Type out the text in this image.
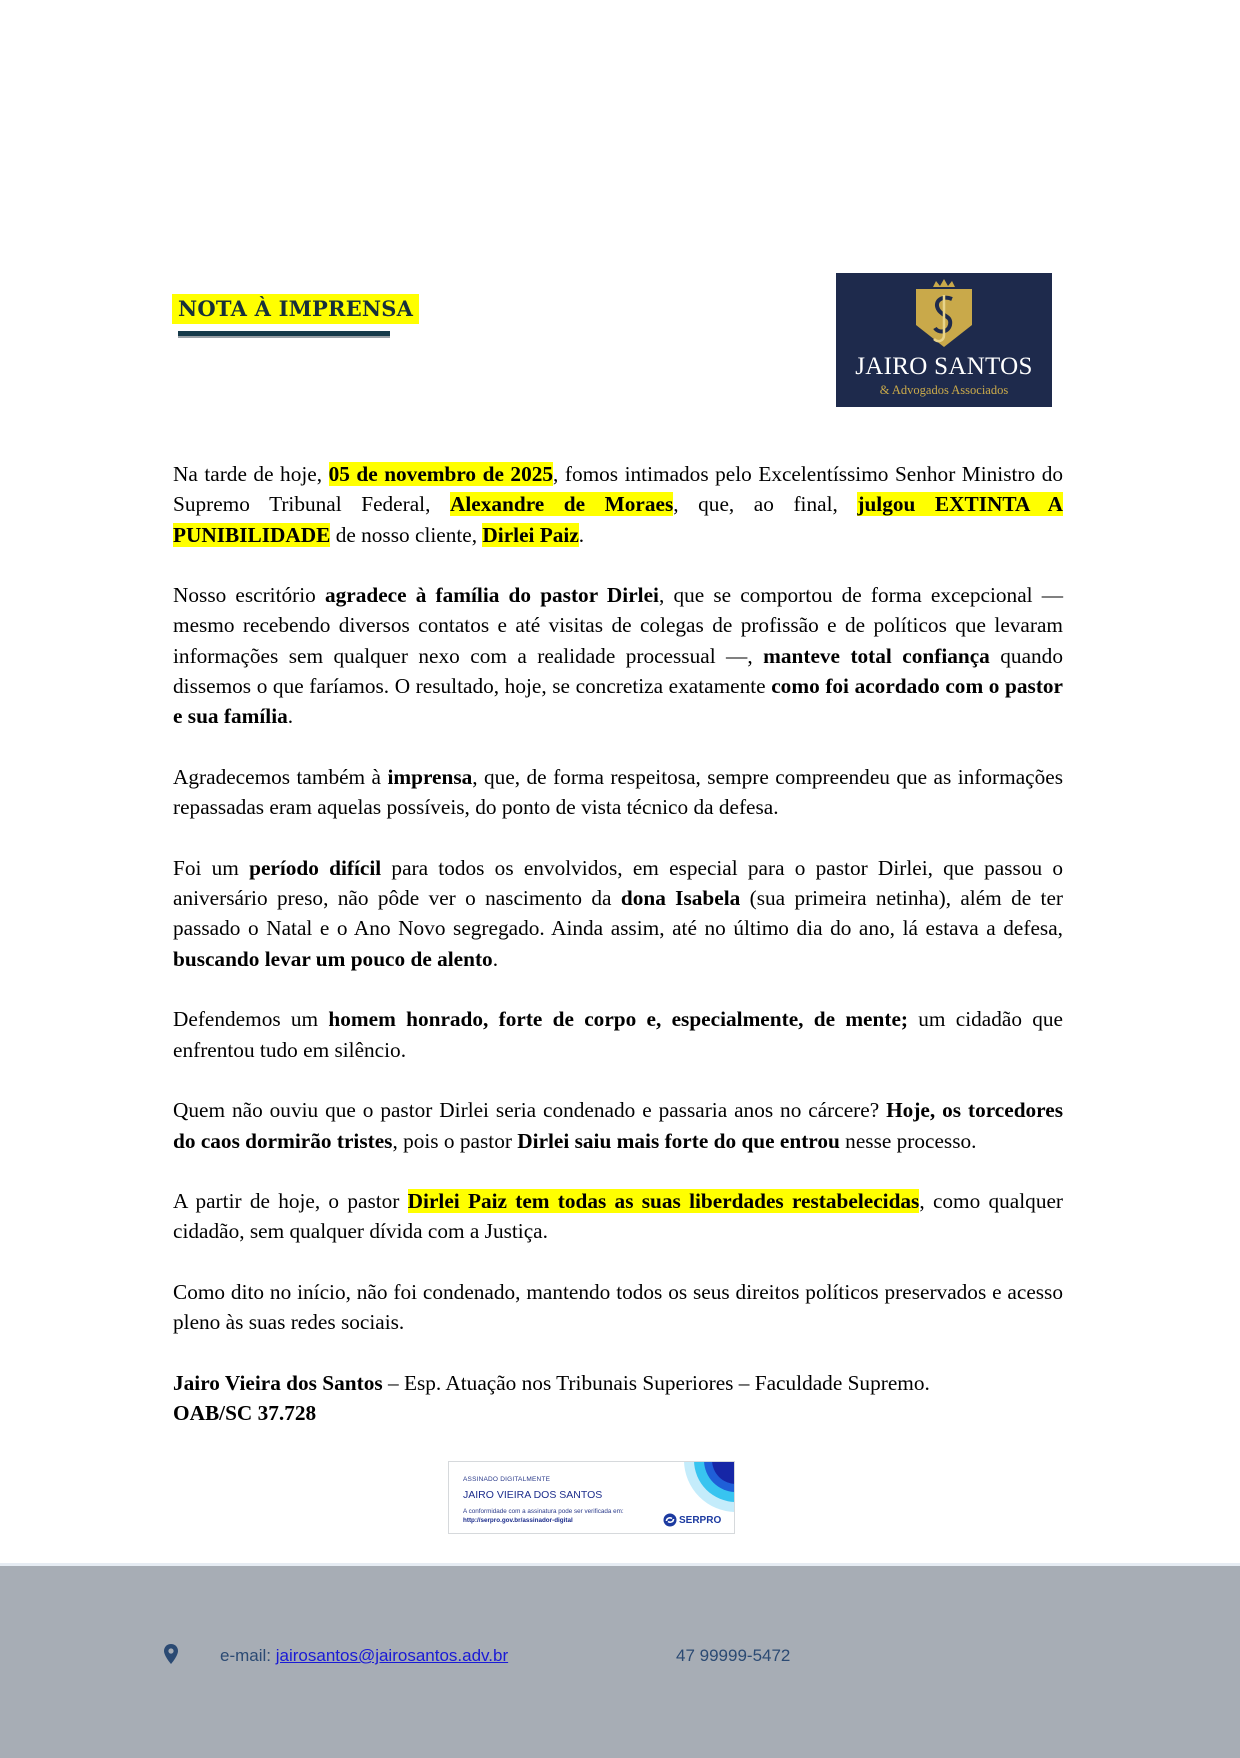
NOTA À IMPRENSA
JAIRO SANTOS
& Advogados Associados

Na tarde de hoje, 05 de novembro de 2025, fomos intimados pelo Excelentíssimo Senhor Ministro do Supremo Tribunal Federal, Alexandre de Moraes, que, ao final, julgou EXTINTA A PUNIBILIDADE de nosso cliente, Dirlei Paiz.

Nosso escritório agradece à família do pastor Dirlei, que se comportou de forma excepcional — mesmo recebendo diversos contatos e até visitas de colegas de profissão e de políticos que levaram informações sem qualquer nexo com a realidade processual —, manteve total confiança quando dissemos o que faríamos. O resultado, hoje, se concretiza exatamente como foi acordado com o pastor e sua família.

Agradecemos também à imprensa, que, de forma respeitosa, sempre compreendeu que as informações repassadas eram aquelas possíveis, do ponto de vista técnico da defesa.

Foi um período difícil para todos os envolvidos, em especial para o pastor Dirlei, que passou o aniversário preso, não pôde ver o nascimento da dona Isabela (sua primeira netinha), além de ter passado o Natal e o Ano Novo segregado. Ainda assim, até no último dia do ano, lá estava a defesa, buscando levar um pouco de alento.

Defendemos um homem honrado, forte de corpo e, especialmente, de mente; um cidadão que enfrentou tudo em silêncio.

Quem não ouviu que o pastor Dirlei seria condenado e passaria anos no cárcere? Hoje, os torcedores do caos dormirão tristes, pois o pastor Dirlei saiu mais forte do que entrou nesse processo.

A partir de hoje, o pastor Dirlei Paiz tem todas as suas liberdades restabelecidas, como qualquer cidadão, sem qualquer dívida com a Justiça.

Como dito no início, não foi condenado, mantendo todos os seus direitos políticos preservados e acesso pleno às suas redes sociais.

Jairo Vieira dos Santos – Esp. Atuação nos Tribunais Superiores – Faculdade Supremo.
OAB/SC 37.728
ASSINADO DIGITALMENTE
JAIRO VIEIRA DOS SANTOS
A conformidade com a assinatura pode ser verificada em:
http://serpro.gov.br/assinador-digital	SERPRO
e-mail: jairosantos@jairosantos.adv.br	47 99999-5472
